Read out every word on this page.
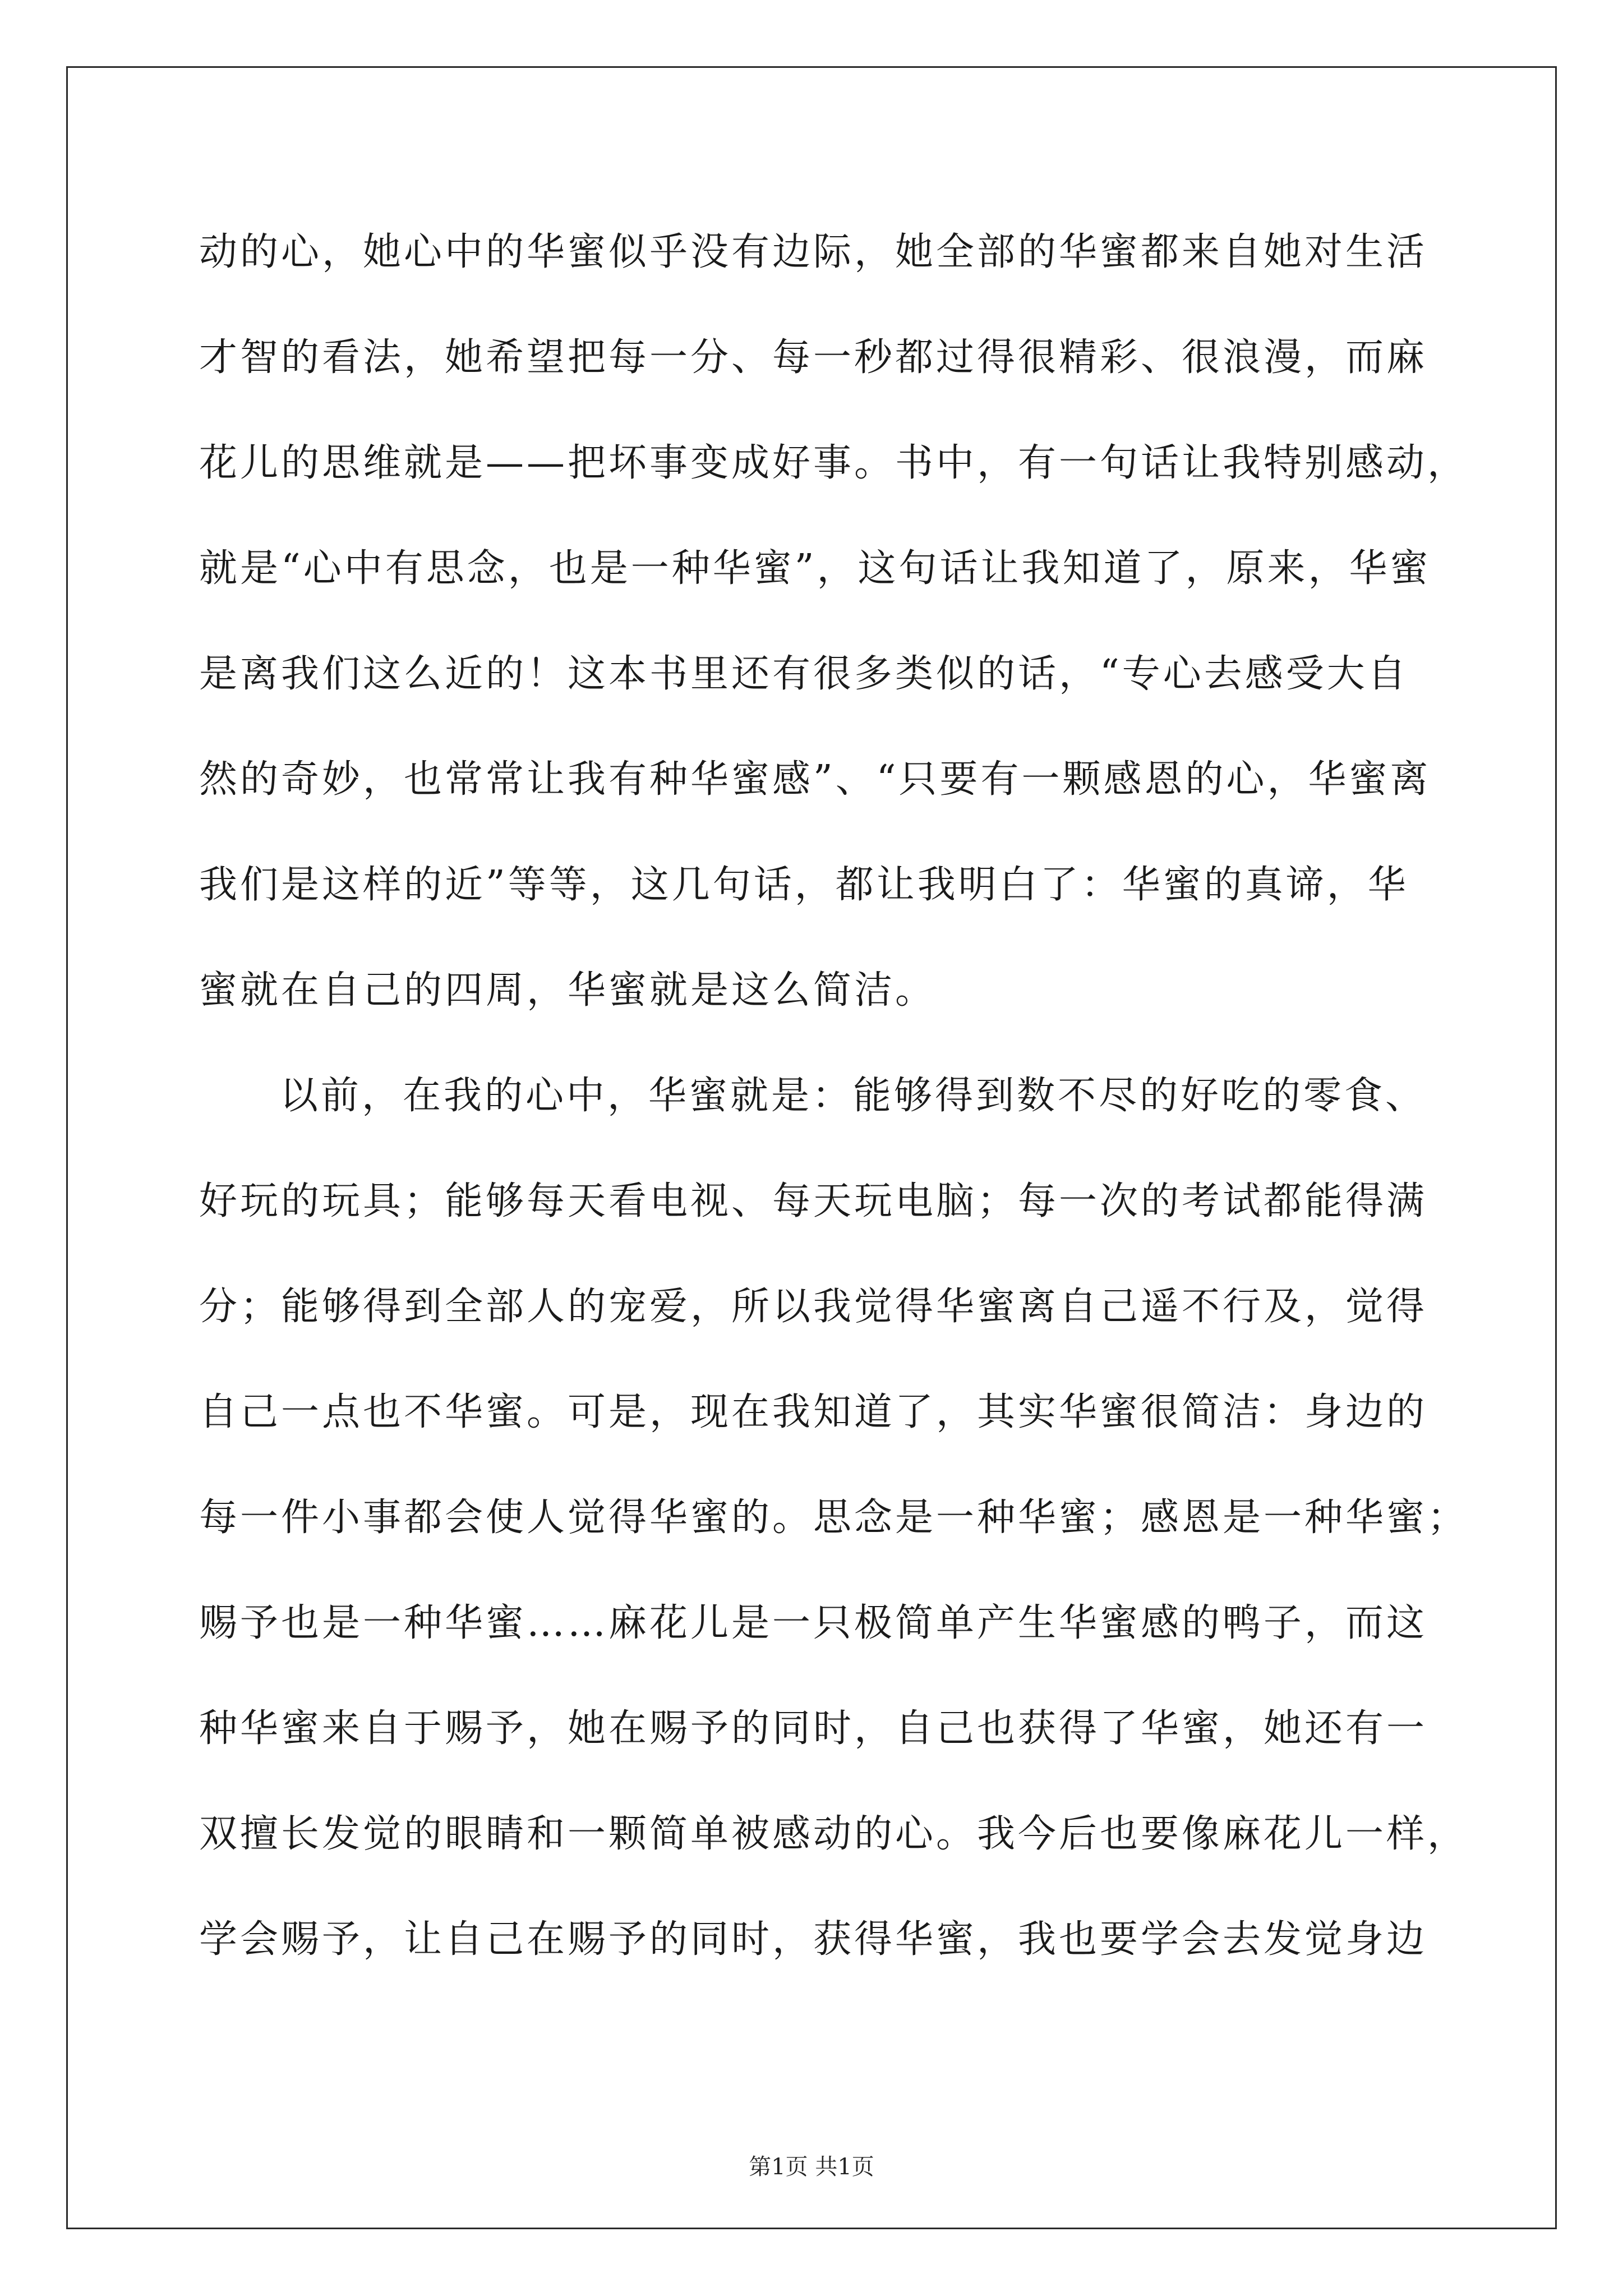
动的心，她心中的华蜜似乎没有边际，她全部的华蜜都来自她对生活
才智的看法，她希望把每一分、每一秒都过得很精彩、很浪漫，而麻
花儿的思维就是——把坏事变成好事。书中，有一句话让我特别感动，
就是“心中有思念，也是一种华蜜”，这句话让我知道了，原来，华蜜
是离我们这么近的！这本书里还有很多类似的话，“专心去感受大自
然的奇妙，也常常让我有种华蜜感”、“只要有一颗感恩的心，华蜜离
我们是这样的近”等等，这几句话，都让我明白了：华蜜的真谛，华
蜜就在自己的四周，华蜜就是这么简洁。
以前，在我的心中，华蜜就是：能够得到数不尽的好吃的零食、
好玩的玩具；能够每天看电视、每天玩电脑；每一次的考试都能得满
分；能够得到全部人的宠爱，所以我觉得华蜜离自己遥不行及，觉得
自己一点也不华蜜。可是，现在我知道了，其实华蜜很简洁：身边的
每一件小事都会使人觉得华蜜的。思念是一种华蜜；感恩是一种华蜜；
赐予也是一种华蜜……麻花儿是一只极简单产生华蜜感的鸭子，而这
种华蜜来自于赐予，她在赐予的同时，自己也获得了华蜜，她还有一
双擅长发觉的眼睛和一颗简单被感动的心。我今后也要像麻花儿一样，
学会赐予，让自己在赐予的同时，获得华蜜，我也要学会去发觉身边
第1页 共1页
